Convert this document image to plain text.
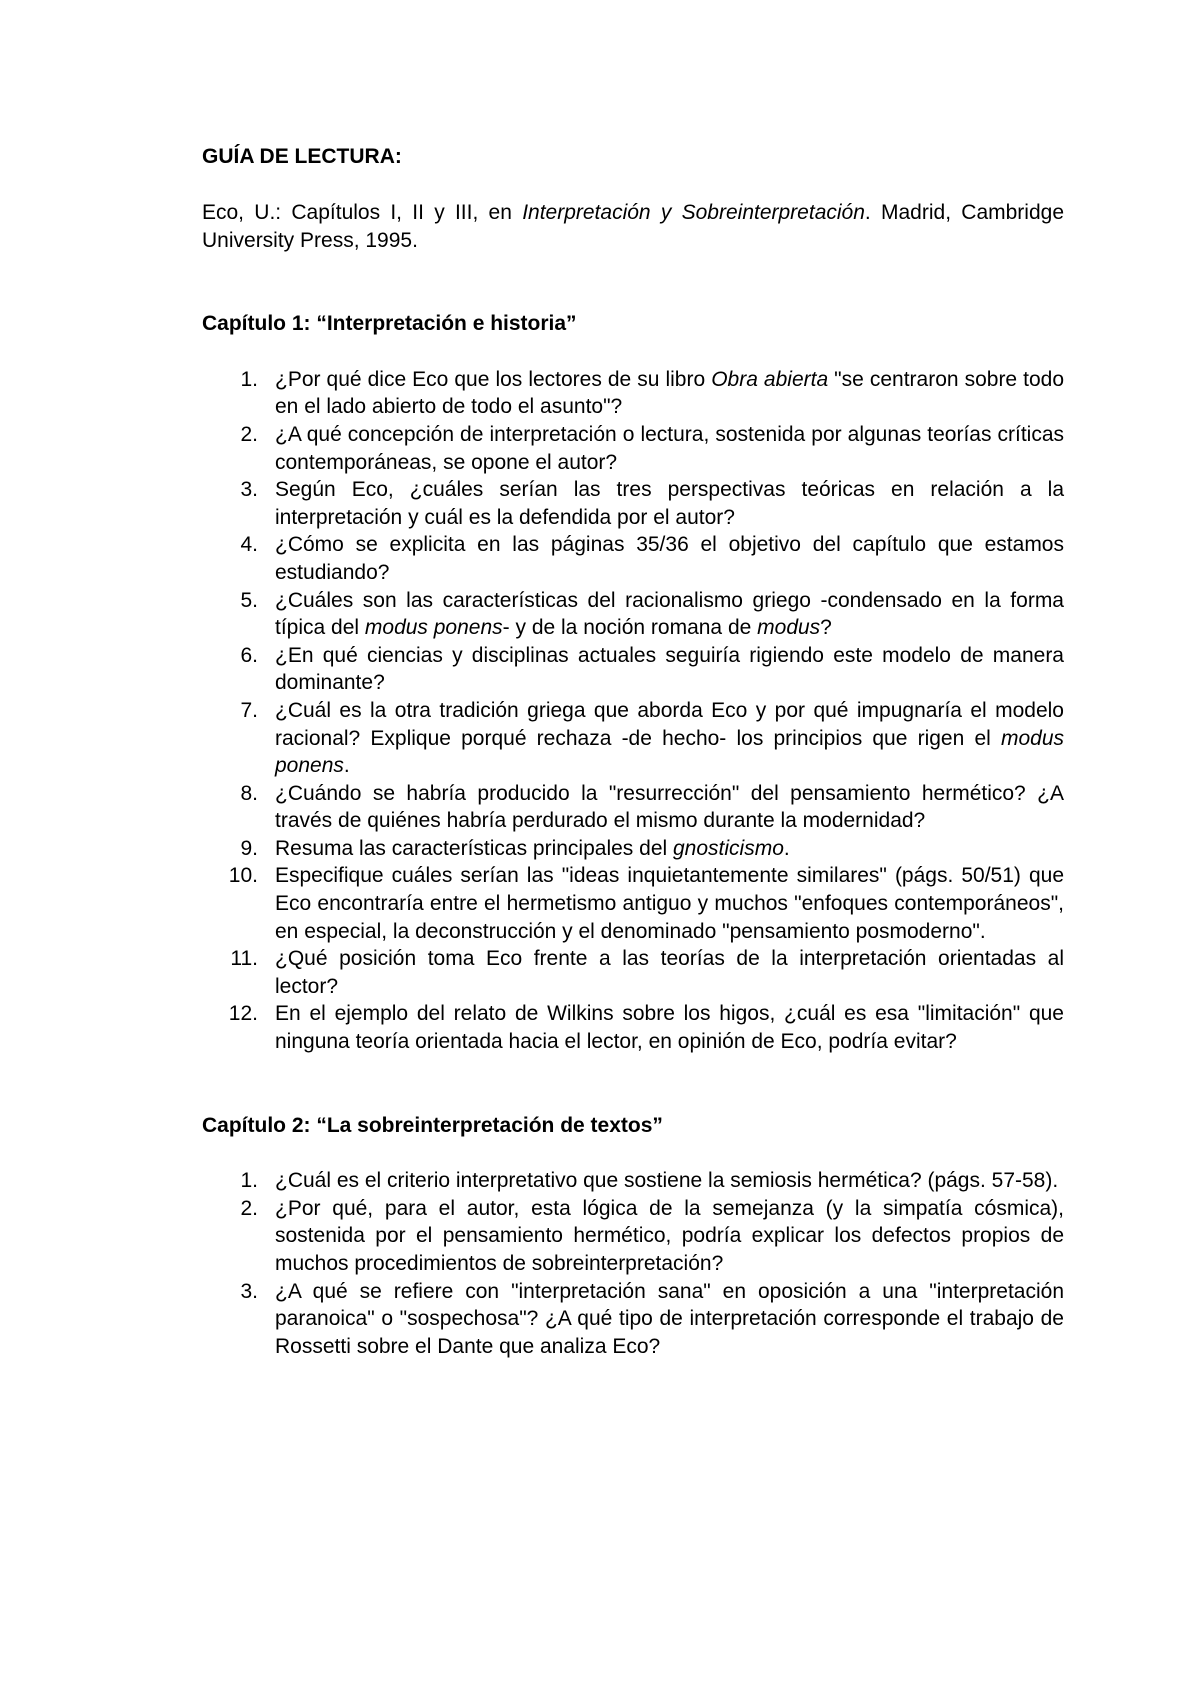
GUÍA DE LECTURA:

Eco, U.: Capítulos I, II y III, en Interpretación y Sobreinterpretación. Madrid, Cambridge University Press, 1995.

Capítulo 1: “Interpretación e historia”

1. ¿Por qué dice Eco que los lectores de su libro Obra abierta "se centraron sobre todo en el lado abierto de todo el asunto"?
2. ¿A qué concepción de interpretación o lectura, sostenida por algunas teorías críticas contemporáneas, se opone el autor?
3. Según Eco, ¿cuáles serían las tres perspectivas teóricas en relación a la interpretación y cuál es la defendida por el autor?
4. ¿Cómo se explicita en las páginas 35/36 el objetivo del capítulo que estamos estudiando?
5. ¿Cuáles son las características del racionalismo griego -condensado en la forma típica del modus ponens- y de la noción romana de modus?
6. ¿En qué ciencias y disciplinas actuales seguiría rigiendo este modelo de manera dominante?
7. ¿Cuál es la otra tradición griega que aborda Eco y por qué impugnaría el modelo racional? Explique porqué rechaza -de hecho- los principios que rigen el modus ponens.
8. ¿Cuándo se habría producido la "resurrección" del pensamiento hermético? ¿A través de quiénes habría perdurado el mismo durante la modernidad?
9. Resuma las características principales del gnosticismo.
10. Especifique cuáles serían las "ideas inquietantemente similares" (págs. 50/51) que Eco encontraría entre el hermetismo antiguo y muchos "enfoques contemporáneos", en especial, la deconstrucción y el denominado "pensamiento posmoderno".
11. ¿Qué posición toma Eco frente a las teorías de la interpretación orientadas al lector?
12. En el ejemplo del relato de Wilkins sobre los higos, ¿cuál es esa "limitación" que ninguna teoría orientada hacia el lector, en opinión de Eco, podría evitar?

Capítulo 2: “La sobreinterpretación de textos”

1. ¿Cuál es el criterio interpretativo que sostiene la semiosis hermética? (págs. 57-58).
2. ¿Por qué, para el autor, esta lógica de la semejanza (y la simpatía cósmica), sostenida por el pensamiento hermético, podría explicar los defectos propios de muchos procedimientos de sobreinterpretación?
3. ¿A qué se refiere con "interpretación sana" en oposición a una "interpretación paranoica" o "sospechosa"? ¿A qué tipo de interpretación corresponde el trabajo de Rossetti sobre el Dante que analiza Eco?
